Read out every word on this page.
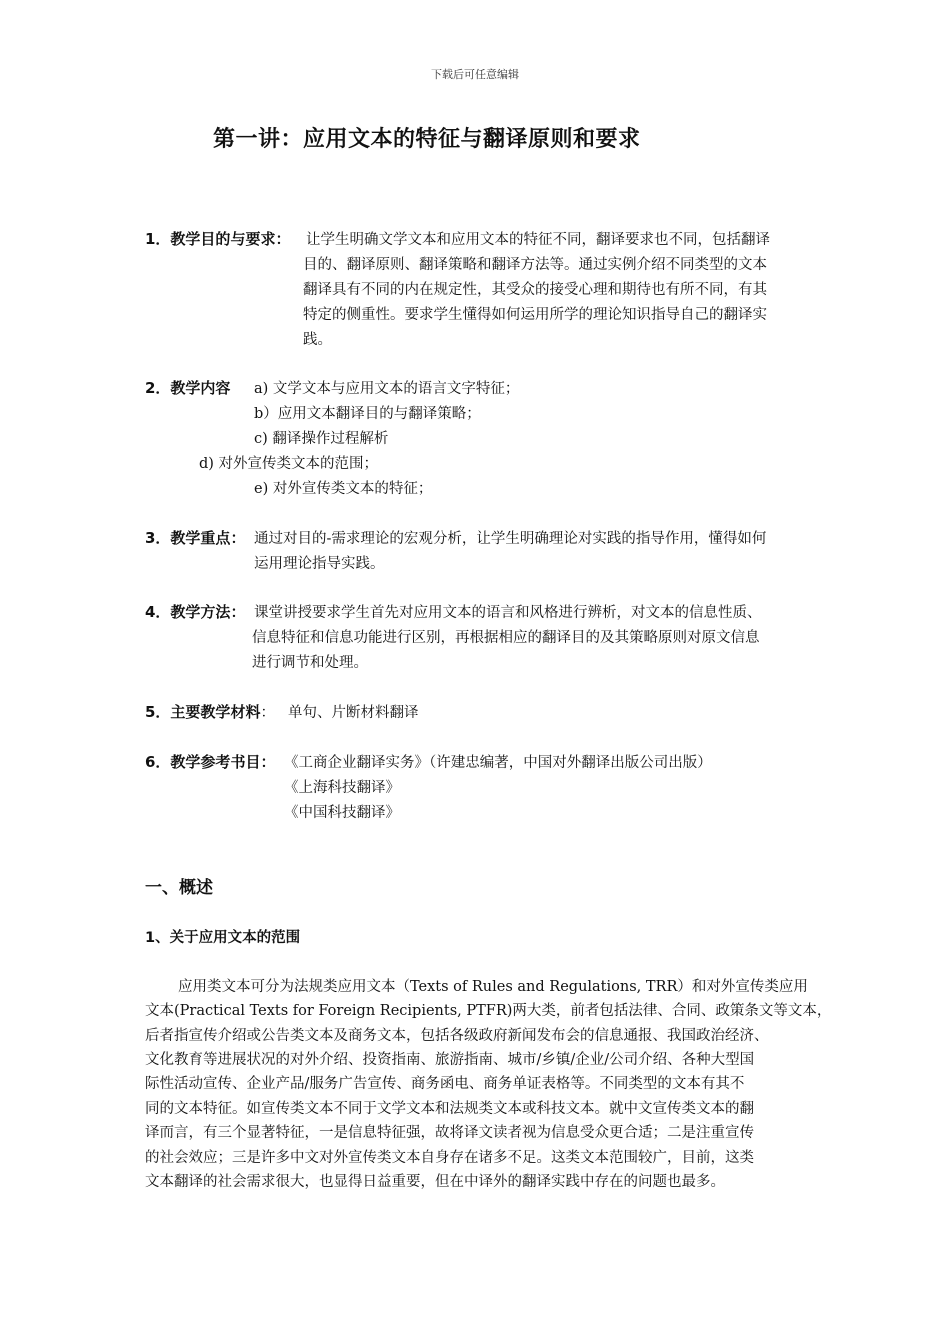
下载后可任意编辑
第一讲：应用文本的特征与翻译原则和要求
1．教学目的与要求： 让学生明确文学文本和应用文本的特征不同，翻译要求也不同，包括翻译
目的、翻译原则、翻译策略和翻译方法等。通过实例介绍不同类型的文本
翻译具有不同的内在规定性，其受众的接受心理和期待也有所不同，有其
特定的侧重性。要求学生懂得如何运用所学的理论知识指导自己的翻译实
践。
2．教学内容 a) 文学文本与应用文本的语言文字特征；
b）应用文本翻译目的与翻译策略；
c) 翻译操作过程解析
d) 对外宣传类文本的范围；
e) 对外宣传类文本的特征；
3．教学重点： 通过对目的-需求理论的宏观分析，让学生明确理论对实践的指导作用，懂得如何
运用理论指导实践。
4．教学方法： 课堂讲授要求学生首先对应用文本的语言和风格进行辨析，对文本的信息性质、
信息特征和信息功能进行区别，再根据相应的翻译目的及其策略原则对原文信息
进行调节和处理。
5．主要教学材料： 单句、片断材料翻译
6．教学参考书目： 《工商企业翻译实务》（许建忠编著，中国对外翻译出版公司出版）
《上海科技翻译》
《中国科技翻译》
一、概述
1、关于应用文本的范围
应用类文本可分为法规类应用文本（Texts of Rules and Regulations, TRR）和对外宣传类应用
文本(Practical Texts for Foreign Recipients, PTFR)两大类，前者包括法律、合同、政策条文等文本，
后者指宣传介绍或公告类文本及商务文本，包括各级政府新闻发布会的信息通报、我国政治经济、
文化教育等进展状况的对外介绍、投资指南、旅游指南、城市/乡镇/企业/公司介绍、各种大型国
际性活动宣传、企业产品/服务广告宣传、商务函电、商务单证表格等。不同类型的文本有其不
同的文本特征。如宣传类文本不同于文学文本和法规类文本或科技文本。就中文宣传类文本的翻
译而言，有三个显著特征，一是信息特征强，故将译文读者视为信息受众更合适；二是注重宣传
的社会效应；三是许多中文对外宣传类文本自身存在诸多不足。这类文本范围较广，目前，这类
文本翻译的社会需求很大，也显得日益重要，但在中译外的翻译实践中存在的问题也最多。
